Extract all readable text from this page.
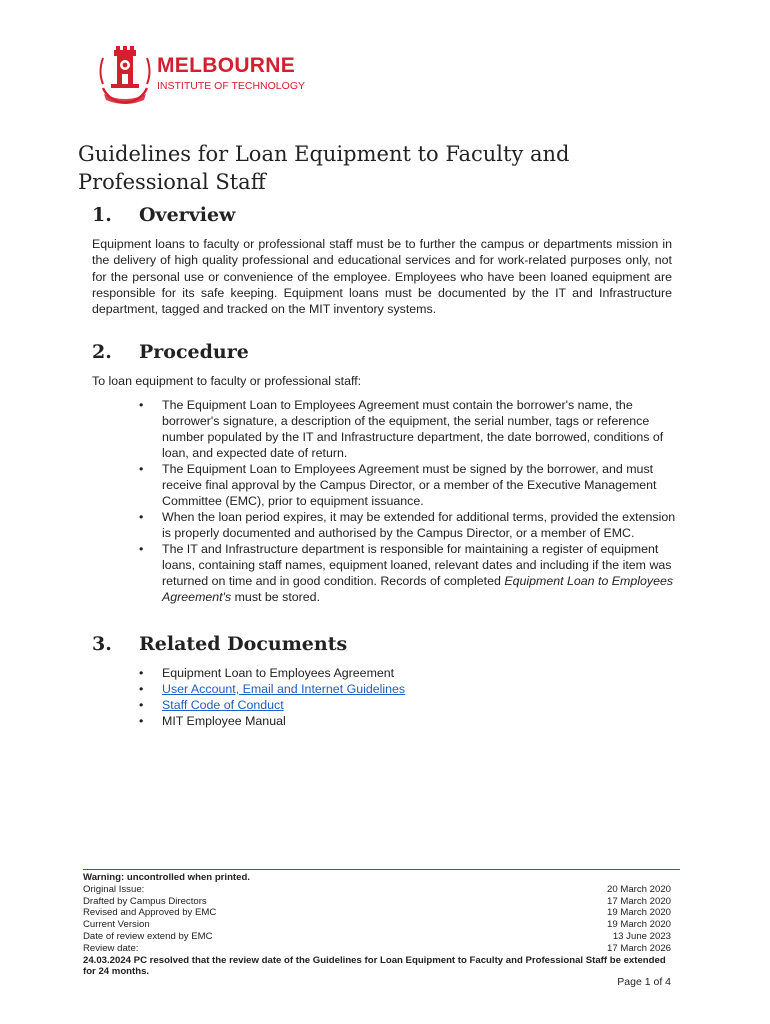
MELBOURNE
INSTITUTE OF TECHNOLOGY
Guidelines for Loan Equipment to Faculty and Professional Staff
1. Overview

Equipment loans to faculty or professional staff must be to further the campus or departments mission in the delivery of high quality professional and educational services and for work-related purposes only, not for the personal use or convenience of the employee. Employees who have been loaned equipment are responsible for its safe keeping. Equipment loans must be documented by the IT and Infrastructure department, tagged and tracked on the MIT inventory systems.

2. Procedure

To loan equipment to faculty or professional staff:

• The Equipment Loan to Employees Agreement must contain the borrower's name, the borrower's signature, a description of the equipment, the serial number, tags or reference number populated by the IT and Infrastructure department, the date borrowed, conditions of loan, and expected date of return.
• The Equipment Loan to Employees Agreement must be signed by the borrower, and must receive final approval by the Campus Director, or a member of the Executive Management Committee (EMC), prior to equipment issuance.
• When the loan period expires, it may be extended for additional terms, provided the extension is properly documented and authorised by the Campus Director, or a member of EMC.
• The IT and Infrastructure department is responsible for maintaining a register of equipment loans, containing staff names, equipment loaned, relevant dates and including if the item was returned on time and in good condition. Records of completed Equipment Loan to Employees Agreement's must be stored.
3. Related Documents
• Equipment Loan to Employees Agreement
• User Account, Email and Internet Guidelines
• Staff Code of Conduct
• MIT Employee Manual
Warning: uncontrolled when printed.
Original Issue:	20 March 2020
Drafted by Campus Directors	17 March 2020
Revised and Approved by EMC	19 March 2020
Current Version	19 March 2020
Date of review extend by EMC	13 June 2023
Review date:	17 March 2026
24.03.2024 PC resolved that the review date of the Guidelines for Loan Equipment to Faculty and Professional Staff be extended for 24 months.
Page 1 of 4
